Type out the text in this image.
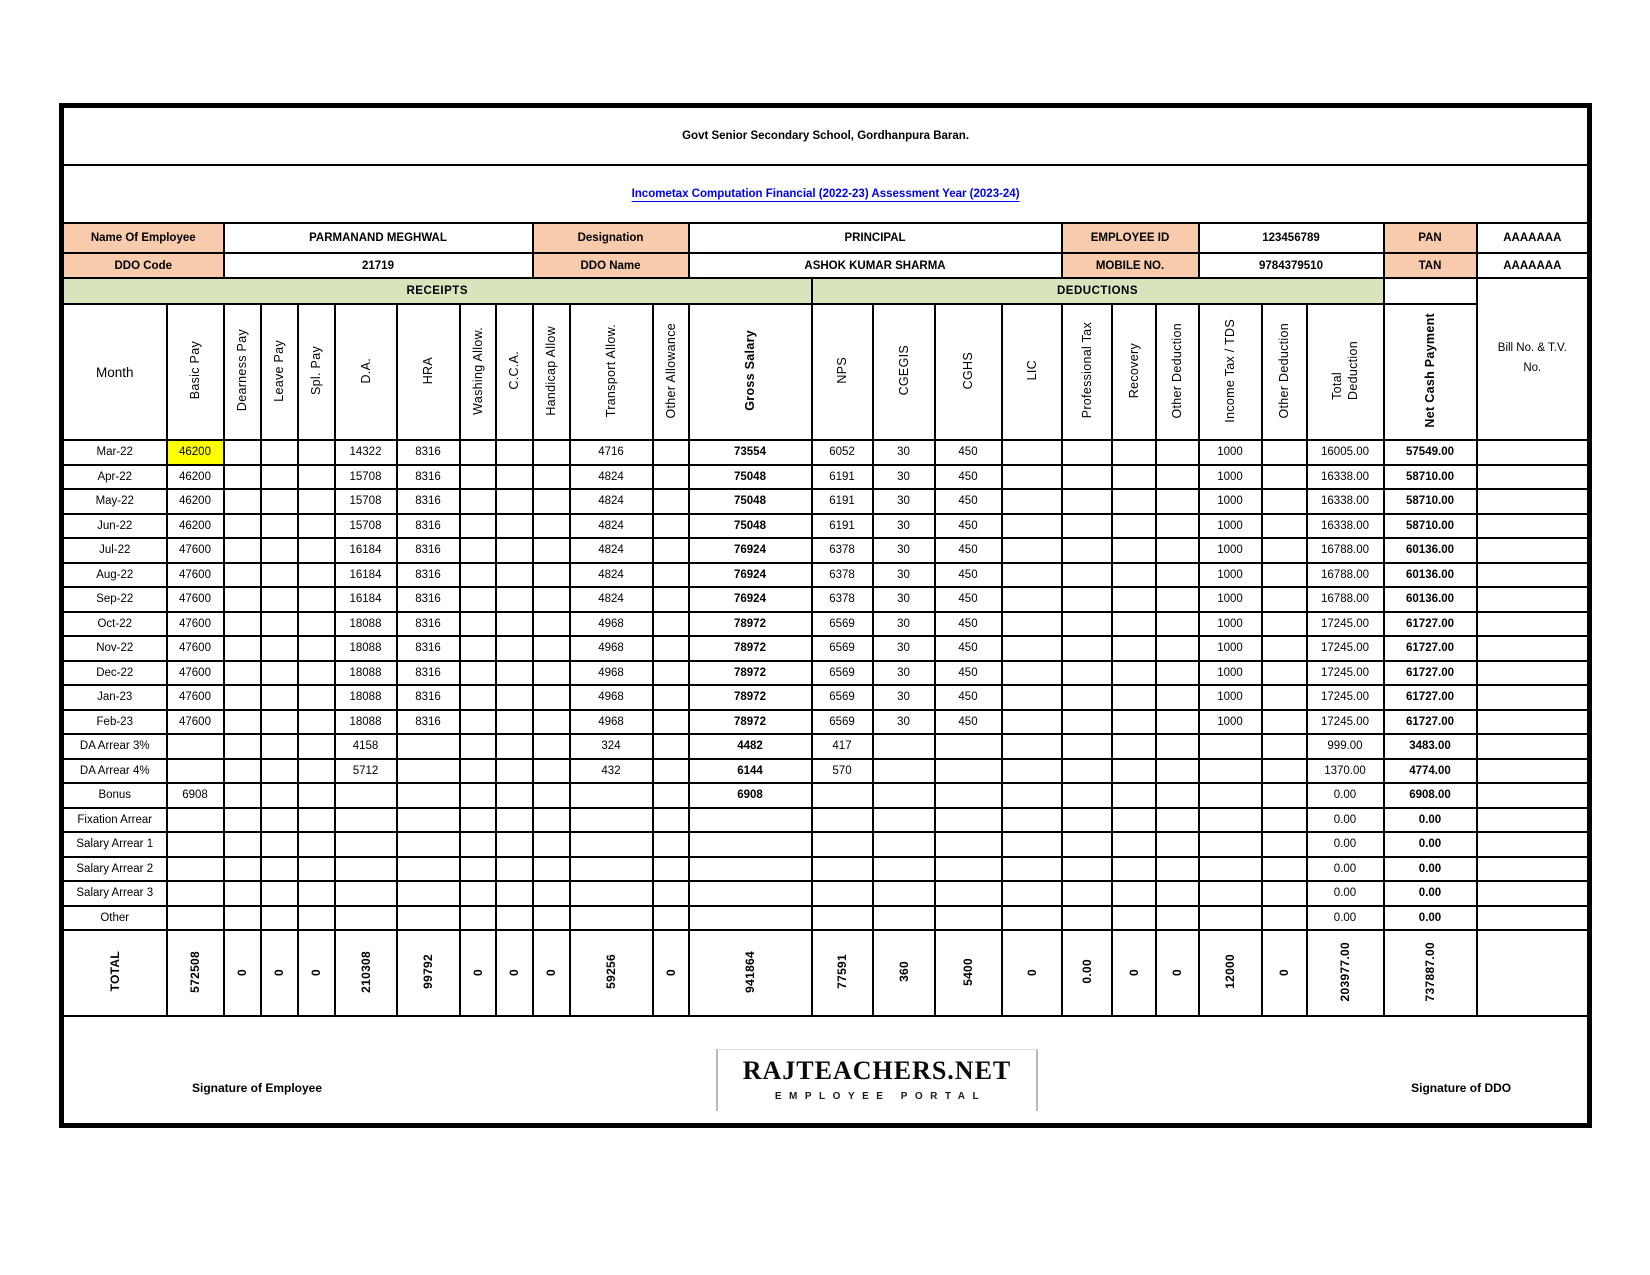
Govt Senior Secondary School, Gordhanpura Baran.																								
Incometax Computation Financial (2022-23) Assessment Year (2023-24)																								
Name Of Employee		PARMANAND MEGHWAL							Designation			PRINCIPAL					EMPLOYEE ID			123456789			PAN	AAAAAAA
DDO Code		21719							DDO Name			ASHOK KUMAR SHARMA					MOBILE NO.			9784379510			TAN	AAAAAAA
RECEIPTS													DEDUCTIONS											Bill No. & T.V. No.
Month	Basic Pay	Dearness Pay	Leave Pay	Spl. Pay	D.A.	HRA	Washing Allow.	C.C.A.	Handicap Allow	Transport Allow.	Other Allowance	Gross Salary	NPS	CGEGIS	CGHS	LIC	Professional Tax	Recovery	Other Deduction	Income Tax / TDS	Other Deduction	Total Deduction	Net Cash Payment	

Mar-22	46200				14322	8316				4716		73554	6052	30	450					1000		16005.00	57549.00	
Apr-22	46200				15708	8316				4824		75048	6191	30	450					1000		16338.00	58710.00	
May-22	46200				15708	8316				4824		75048	6191	30	450					1000		16338.00	58710.00	
Jun-22	46200				15708	8316				4824		75048	6191	30	450					1000		16338.00	58710.00	
Jul-22	47600				16184	8316				4824		76924	6378	30	450					1000		16788.00	60136.00	
Aug-22	47600				16184	8316				4824		76924	6378	30	450					1000		16788.00	60136.00	
Sep-22	47600				16184	8316				4824		76924	6378	30	450					1000		16788.00	60136.00	
Oct-22	47600				18088	8316				4968		78972	6569	30	450					1000		17245.00	61727.00	
Nov-22	47600				18088	8316				4968		78972	6569	30	450					1000		17245.00	61727.00	
Dec-22	47600				18088	8316				4968		78972	6569	30	450					1000		17245.00	61727.00	
Jan-23	47600				18088	8316				4968		78972	6569	30	450					1000		17245.00	61727.00	
Feb-23	47600				18088	8316				4968		78972	6569	30	450					1000		17245.00	61727.00	
DA Arrear 3%					4158					324		4482	417									999.00	3483.00	
DA Arrear 4%					5712					432		6144	570									1370.00	4774.00	
Bonus	6908											6908										0.00	6908.00	
Fixation Arrear																						0.00	0.00	
Salary Arrear 1																						0.00	0.00	
Salary Arrear 2																						0.00	0.00	
Salary Arrear 3																						0.00	0.00	
Other																						0.00	0.00	
TOTAL	572508	0	0	0	210308	99792	0	0	0	59256	0	941864	77591	360	5400	0	0.00	0	0	12000	0	203977.00	737887.00	

Signature of Employee
RAJTEACHERS.NET
EMPLOYEE PORTAL
Signature of DDO																								
